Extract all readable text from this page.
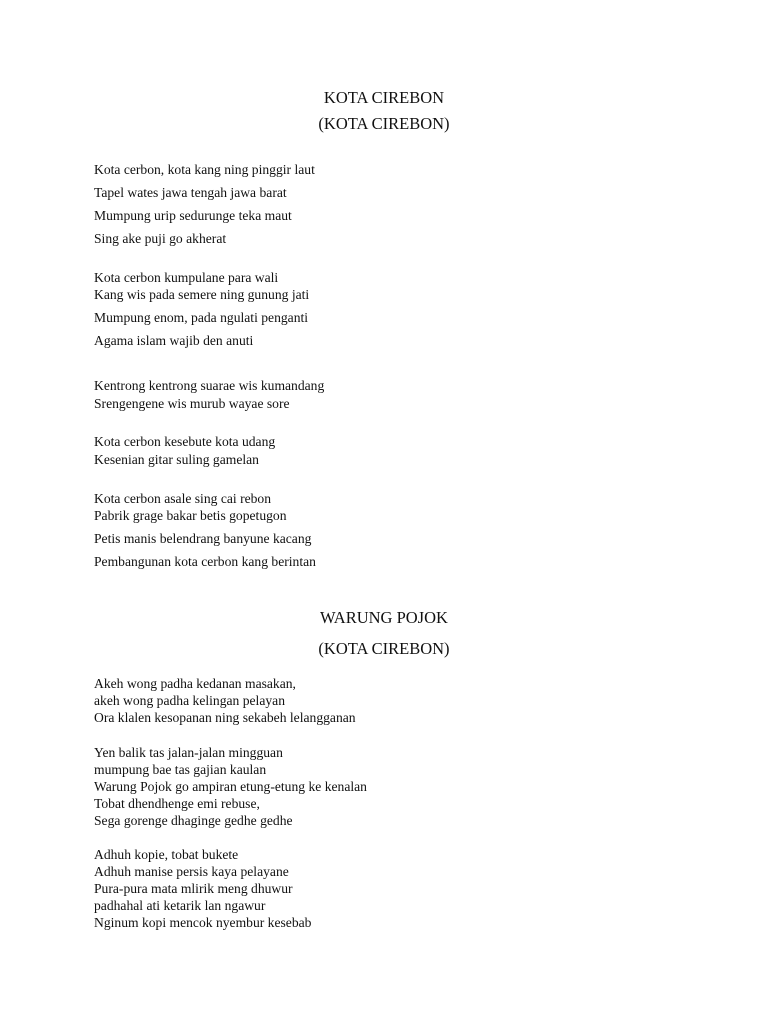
KOTA CIREBON
(KOTA CIREBON)

Kota cerbon, kota kang ning pinggir laut

Tapel wates jawa tengah jawa barat

Mumpung urip sedurunge teka maut

Sing ake puji go akherat

Kota cerbon kumpulane para wali

Kang wis pada semere ning gunung jati

Mumpung enom, pada ngulati penganti

Agama islam wajib den anuti

Kentrong kentrong suarae wis kumandang

Srengengene wis murub wayae sore

Kota cerbon kesebute kota udang

Kesenian gitar suling gamelan

Kota cerbon asale sing cai rebon

Pabrik grage bakar betis gopetugon

Petis manis belendrang banyune kacang

Pembangunan kota cerbon kang berintan

WARUNG POJOK
(KOTA CIREBON)

Akeh wong padha kedanan masakan,

akeh wong padha kelingan pelayan

Ora klalen kesopanan ning sekabeh lelangganan

Yen balik tas jalan-jalan mingguan

mumpung bae tas gajian kaulan

Warung Pojok go ampiran etung-etung ke kenalan

Tobat dhendhenge emi rebuse,

Sega gorenge dhaginge gedhe gedhe

Adhuh kopie, tobat bukete

Adhuh manise persis kaya pelayane

Pura-pura mata mlirik meng dhuwur

padhahal ati ketarik lan ngawur

Nginum kopi mencok nyembur kesebab
